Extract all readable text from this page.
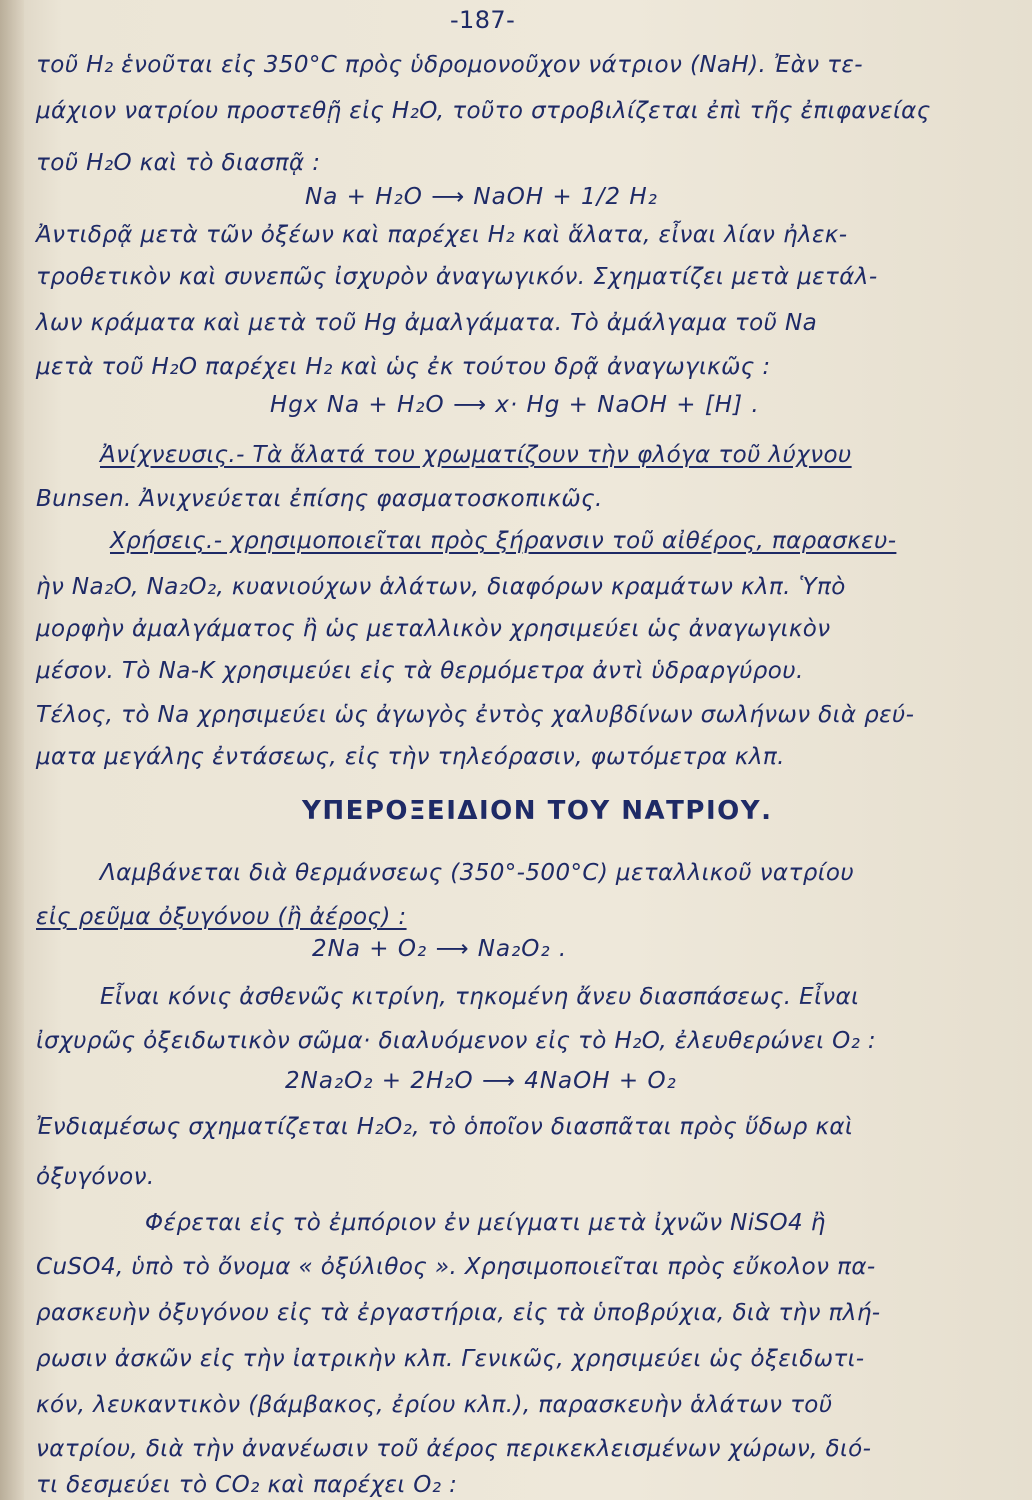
-187-
τοῦ H₂ ἑνοῦται εἰς 350°C πρὸς ὑδρομονοῦχον νάτριον (NaH). Ἐὰν τε-
μάχιον νατρίου προστεθῇ εἰς H₂O, τοῦτο στροβιλίζεται ἐπὶ τῆς ἐπιφανείας
τοῦ H₂O καὶ τὸ διασπᾷ :
Na + H₂O ⟶ NaOH + 1/2 H₂
Ἀντιδρᾷ μετὰ τῶν ὀξέων καὶ παρέχει H₂ καὶ ἅλατα, εἶναι λίαν ἠλεκ-
τροθετικὸν καὶ συνεπῶς ἰσχυρὸν ἀναγωγικόν. Σχηματίζει μετὰ μετάλ-
λων κράματα καὶ μετὰ τοῦ Hg ἀμαλγάματα. Τὸ ἀμάλγαμα τοῦ Na
μετὰ τοῦ H₂O παρέχει H₂ καὶ ὡς ἐκ τούτου δρᾷ ἀναγωγικῶς :
Hgx Na + H₂O ⟶ x· Hg + NaOH + [H] .
Ἀνίχνευσις.- Τὰ ἅλατά του χρωματίζουν τὴν φλόγα τοῦ λύχνου
Bunsen. Ἀνιχνεύεται ἐπίσης φασματοσκοπικῶς.
Χρήσεις.- χρησιμοποιεῖται πρὸς ξήρανσιν τοῦ αἰθέρος, παρασκευ-
ὴν Na₂O, Na₂O₂, κυανιούχων ἁλάτων, διαφόρων κραμάτων κλπ. Ὑπὸ
μορφὴν ἀμαλγάματος ἢ ὡς μεταλλικὸν χρησιμεύει ὡς ἀναγωγικὸν
μέσον. Τὸ Na-K χρησιμεύει εἰς τὰ θερμόμετρα ἀντὶ ὑδραργύρου.
Τέλος, τὸ Na χρησιμεύει ὡς ἀγωγὸς ἐντὸς χαλυβδίνων σωλήνων διὰ ρεύ-
ματα μεγάλης ἐντάσεως, εἰς τὴν τηλεόρασιν, φωτόμετρα κλπ.
ΥΠΕΡΟΞΕΙΔΙΟΝ ΤΟΥ ΝΑΤΡΙΟΥ.
Λαμβάνεται διὰ θερμάνσεως (350°-500°C) μεταλλικοῦ νατρίου
εἰς ρεῦμα ὀξυγόνου (ἢ ἀέρος) :
2Na + O₂ ⟶ Na₂O₂ .
Εἶναι κόνις ἀσθενῶς κιτρίνη, τηκομένη ἄνευ διασπάσεως. Εἶναι
ἰσχυρῶς ὀξειδωτικὸν σῶμα· διαλυόμενον εἰς τὸ H₂O, ἐλευθερώνει O₂ :
2Na₂O₂ + 2H₂O ⟶ 4NaOH + O₂
Ἐνδιαμέσως σχηματίζεται H₂O₂, τὸ ὁποῖον διασπᾶται πρὸς ὕδωρ καὶ
ὀξυγόνον.
Φέρεται εἰς τὸ ἐμπόριον ἐν μείγματι μετὰ ἰχνῶν NiSO4 ἢ
CuSO4, ὑπὸ τὸ ὄνομα « ὀξύλιθος ». Χρησιμοποιεῖται πρὸς εὔκολον πα-
ρασκευὴν ὀξυγόνου εἰς τὰ ἐργαστήρια, εἰς τὰ ὑποβρύχια, διὰ τὴν πλή-
ρωσιν ἀσκῶν εἰς τὴν ἰατρικὴν κλπ. Γενικῶς, χρησιμεύει ὡς ὀξειδωτι-
κόν, λευκαντικὸν (βάμβακος, ἐρίου κλπ.), παρασκευὴν ἁλάτων τοῦ
νατρίου, διὰ τὴν ἀνανέωσιν τοῦ ἀέρος περικεκλεισμένων χώρων, διό-
τι δεσμεύει τὸ CO₂ καὶ παρέχει O₂ :
